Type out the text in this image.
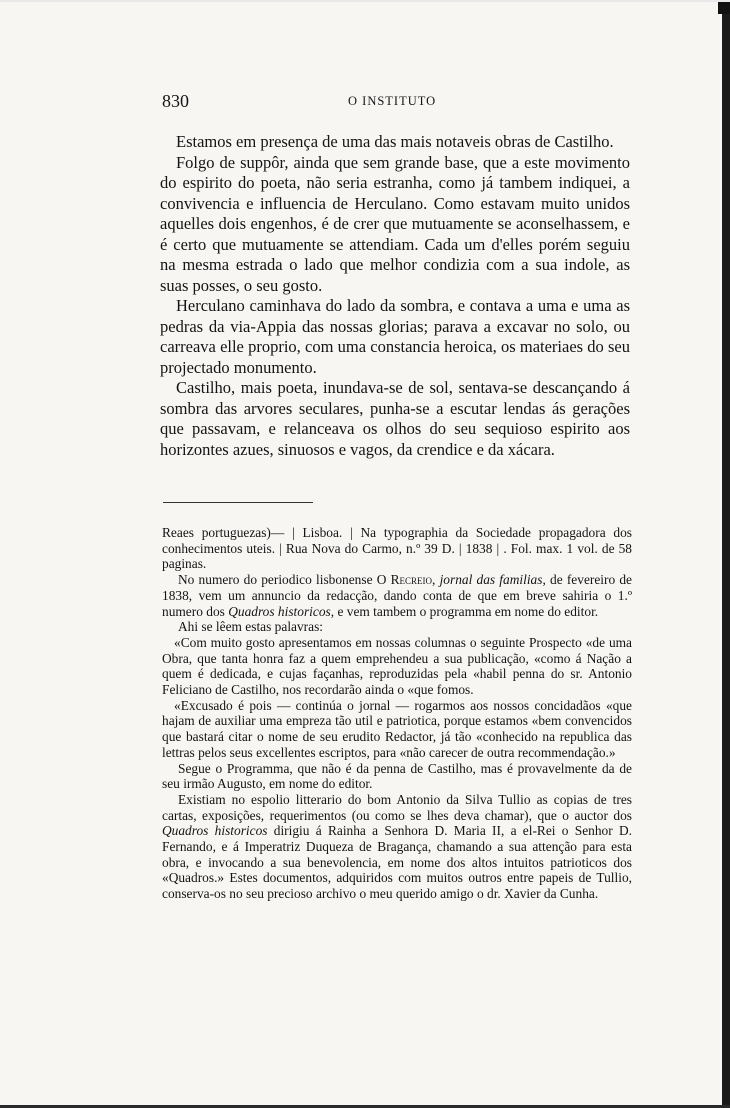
830	O INSTITUTO

Estamos em presença de uma das mais notaveis obras de Castilho.

Folgo de suppôr, ainda que sem grande base, que a este movimento do espirito do poeta, não seria estranha, como já tambem indiquei, a convivencia e influencia de Herculano. Como estavam muito unidos aquelles dois engenhos, é de crer que mutuamente se aconselhassem, e é certo que mutuamente se attendiam. Cada um d'elles porém seguiu na mesma estrada o lado que melhor condizia com a sua indole, as suas posses, o seu gosto.

Herculano caminhava do lado da sombra, e contava a uma e uma as pedras da via-Appia das nossas glorias; parava a excavar no solo, ou carreava elle proprio, com uma constancia heroica, os materiaes do seu projectado monumento.

Castilho, mais poeta, inundava-se de sol, sentava-se descançando á sombra das arvores seculares, punha-se a escutar lendas ás gerações que passavam, e relanceava os olhos do seu sequioso espirito aos horizontes azues, sinuosos e vagos, da crendice e da xácara.

Reaes portuguezas)— | Lisboa. | Na typographia da Sociedade propagadora dos conhecimentos uteis. | Rua Nova do Carmo, n.º 39 D. | 1838 | . Fol. max. 1 vol. de 58 paginas.

No numero do periodico lisbonense O Recreio, jornal das familias, de fevereiro de 1838, vem um annuncio da redacção, dando conta de que em breve sahiria o 1.º numero dos Quadros historicos, e vem tambem o programma em nome do editor.

Ahi se lêem estas palavras:

«Com muito gosto apresentamos em nossas columnas o seguinte Prospecto «de uma Obra, que tanta honra faz a quem emprehendeu a sua publicação, «como á Nação a quem é dedicada, e cujas façanhas, reproduzidas pela «habil penna do sr. Antonio Feliciano de Castilho, nos recordarão ainda o «que fomos.

«Excusado é pois — continúa o jornal — rogarmos aos nossos concidadãos «que hajam de auxiliar uma empreza tão util e patriotica, porque estamos «bem convencidos que bastará citar o nome de seu erudito Redactor, já tão «conhecido na republica das lettras pelos seus excellentes escriptos, para «não carecer de outra recommendação.»

Segue o Programma, que não é da penna de Castilho, mas é provavelmente da de seu irmão Augusto, em nome do editor.

Existiam no espolio litterario do bom Antonio da Silva Tullio as copias de tres cartas, exposições, requerimentos (ou como se lhes deva chamar), que o auctor dos Quadros historicos dirigiu á Rainha a Senhora D. Maria II, a el-Rei o Senhor D. Fernando, e á Imperatriz Duqueza de Bragança, chamando a sua attenção para esta obra, e invocando a sua benevolencia, em nome dos altos intuitos patrioticos dos «Quadros.» Estes documentos, adquiridos com muitos outros entre papeis de Tullio, conserva-os no seu precioso archivo o meu querido amigo o dr. Xavier da Cunha.
